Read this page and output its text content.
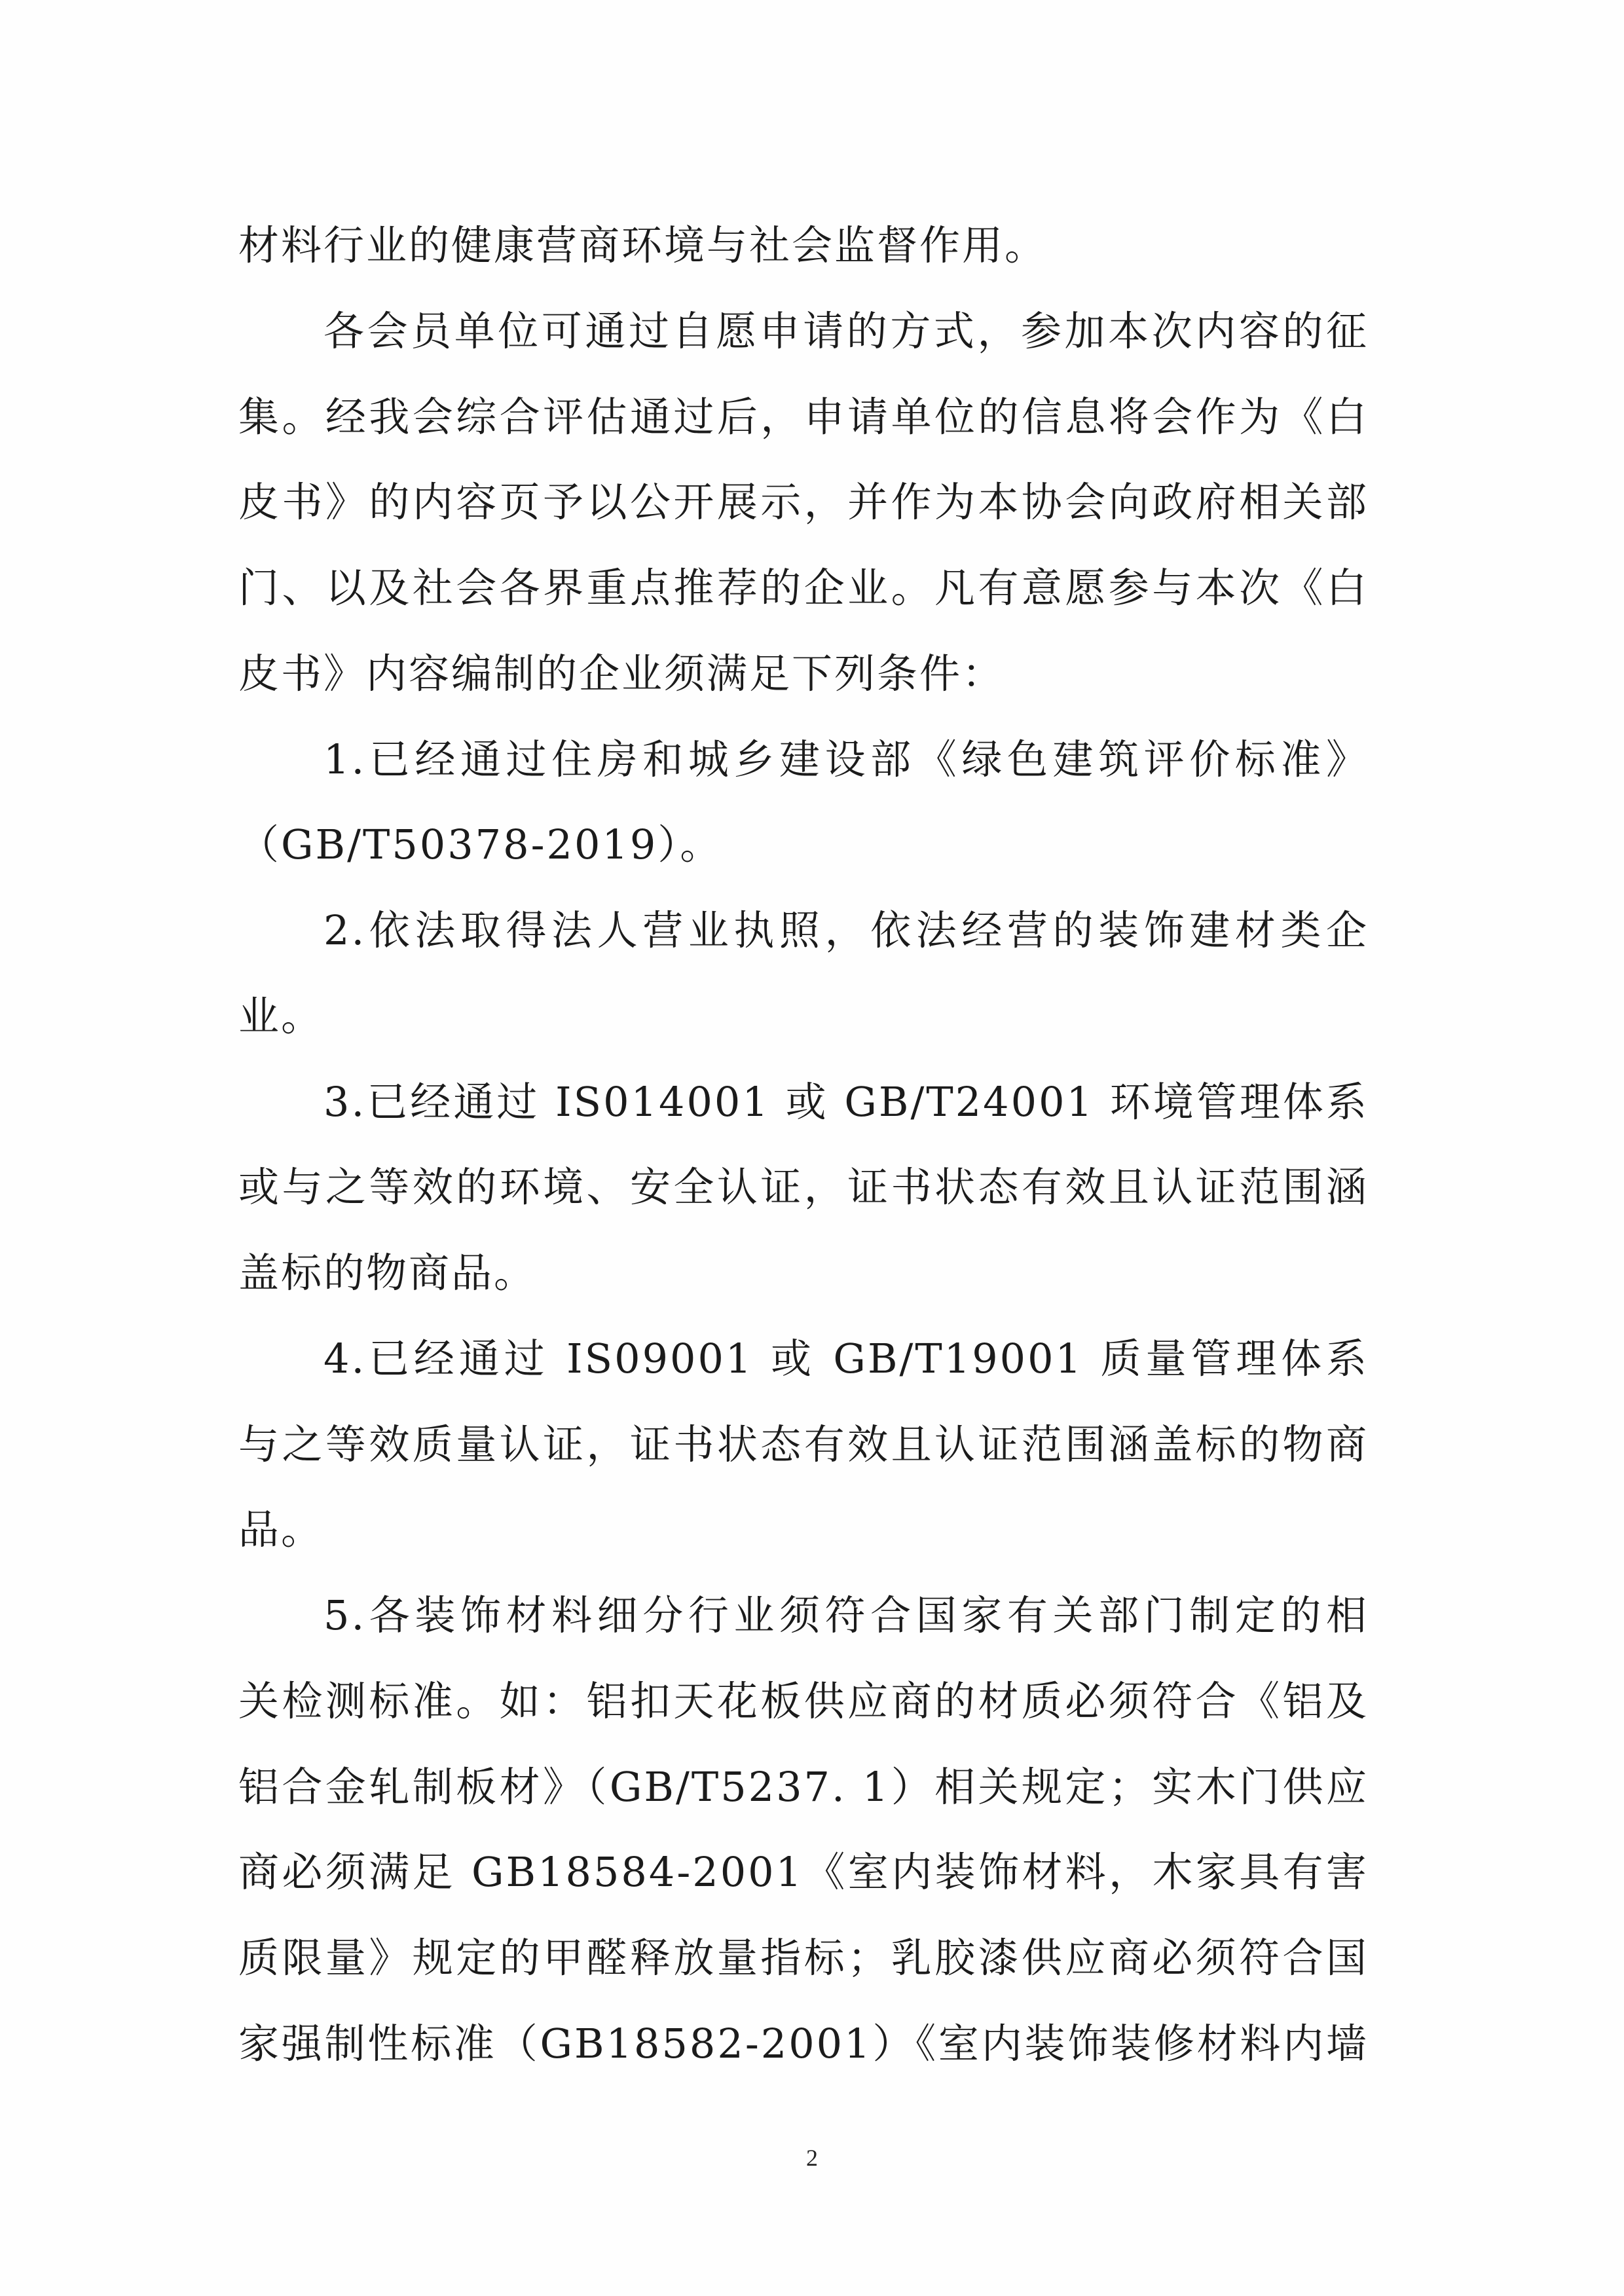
材料行业的健康营商环境与社会监督作用。
各会员单位可通过自愿申请的方式，参加本次内容的征
集。经我会综合评估通过后，申请单位的信息将会作为《白
皮书》的内容页予以公开展示，并作为本协会向政府相关部
门、以及社会各界重点推荐的企业。凡有意愿参与本次《白
皮书》内容编制的企业须满足下列条件：
1.已经通过住房和城乡建设部《绿色建筑评价标准》
（GB/T50378-2019）。
2.依法取得法人营业执照，依法经营的装饰建材类企
业。
3.已经通过 IS014001 或 GB/T24001 环境管理体系
或与之等效的环境、安全认证，证书状态有效且认证范围涵
盖标的物商品。
4.已经通过 IS09001 或 GB/T19001 质量管理体系
与之等效质量认证，证书状态有效且认证范围涵盖标的物商
品。
5.各装饰材料细分行业须符合国家有关部门制定的相
关检测标准。如：铝扣天花板供应商的材质必须符合《铝及
铝合金轧制板材》（GB/T5237. 1）相关规定；实木门供应
商必须满足 GB18584-2001《室内装饰材料，木家具有害
质限量》规定的甲醛释放量指标；乳胶漆供应商必须符合国
家强制性标准（GB18582-2001）《室内装饰装修材料内墙
2
